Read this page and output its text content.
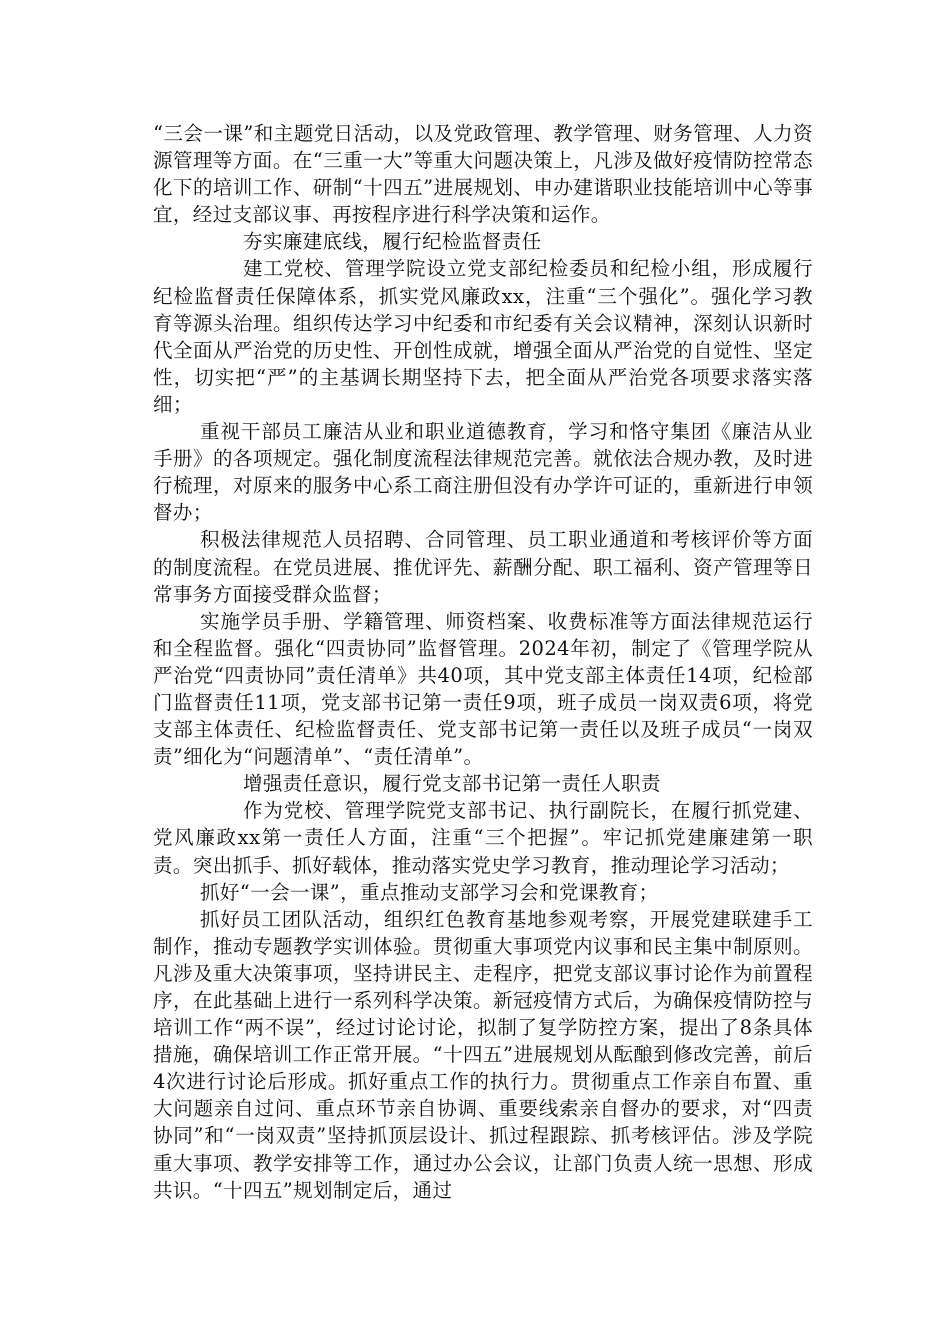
“三会一课”和主题党日活动，以及党政管理、教学管理、财务管理、人力资源管理等方面。在“三重一大”等重大问题决策上，凡涉及做好疫情防控常态化下的培训工作、研制“十四五”进展规划、申办建谐职业技能培训中心等事宜，经过支部议事、再按程序进行科学决策和运作。

夯实廉建底线，履行纪检监督责任

建工党校、管理学院设立党支部纪检委员和纪检小组，形成履行纪检监督责任保障体系，抓实党风廉政xx，注重“三个强化”。强化学习教育等源头治理。组织传达学习中纪委和市纪委有关会议精神，深刻认识新时代全面从严治党的历史性、开创性成就，增强全面从严治党的自觉性、坚定性，切实把“严”的主基调长期坚持下去，把全面从严治党各项要求落实落细；

重视干部员工廉洁从业和职业道德教育，学习和恪守集团《廉洁从业手册》的各项规定。强化制度流程法律规范完善。就依法合规办教，及时进行梳理，对原来的服务中心系工商注册但没有办学许可证的，重新进行申领督办；

积极法律规范人员招聘、合同管理、员工职业通道和考核评价等方面的制度流程。在党员进展、推优评先、薪酬分配、职工福利、资产管理等日常事务方面接受群众监督；

实施学员手册、学籍管理、师资档案、收费标准等方面法律规范运行和全程监督。强化“四责协同”监督管理。2024年初，制定了《管理学院从严治党“四责协同”责任清单》共40项，其中党支部主体责任14项，纪检部门监督责任11项，党支部书记第一责任9项，班子成员一岗双责6项，将党支部主体责任、纪检监督责任、党支部书记第一责任以及班子成员“一岗双责”细化为“问题清单”、“责任清单”。

增强责任意识，履行党支部书记第一责任人职责

作为党校、管理学院党支部书记、执行副院长，在履行抓党建、党风廉政xx第一责任人方面，注重“三个把握”。牢记抓党建廉建第一职责。突出抓手、抓好载体，推动落实党史学习教育，推动理论学习活动；

抓好“一会一课”，重点推动支部学习会和党课教育；

抓好员工团队活动，组织红色教育基地参观考察，开展党建联建手工制作，推动专题教学实训体验。贯彻重大事项党内议事和民主集中制原则。凡涉及重大决策事项，坚持讲民主、走程序，把党支部议事讨论作为前置程序，在此基础上进行一系列科学决策。新冠疫情方式后，为确保疫情防控与培训工作“两不误”，经过讨论讨论，拟制了复学防控方案，提出了8条具体措施，确保培训工作正常开展。“十四五”进展规划从酝酿到修改完善，前后4次进行讨论后形成。抓好重点工作的执行力。贯彻重点工作亲自布置、重大问题亲自过问、重点环节亲自协调、重要线索亲自督办的要求，对“四责协同”和“一岗双责”坚持抓顶层设计、抓过程跟踪、抓考核评估。涉及学院重大事项、教学安排等工作，通过办公会议，让部门负责人统一思想、形成共识。“十四五”规划制定后，通过
